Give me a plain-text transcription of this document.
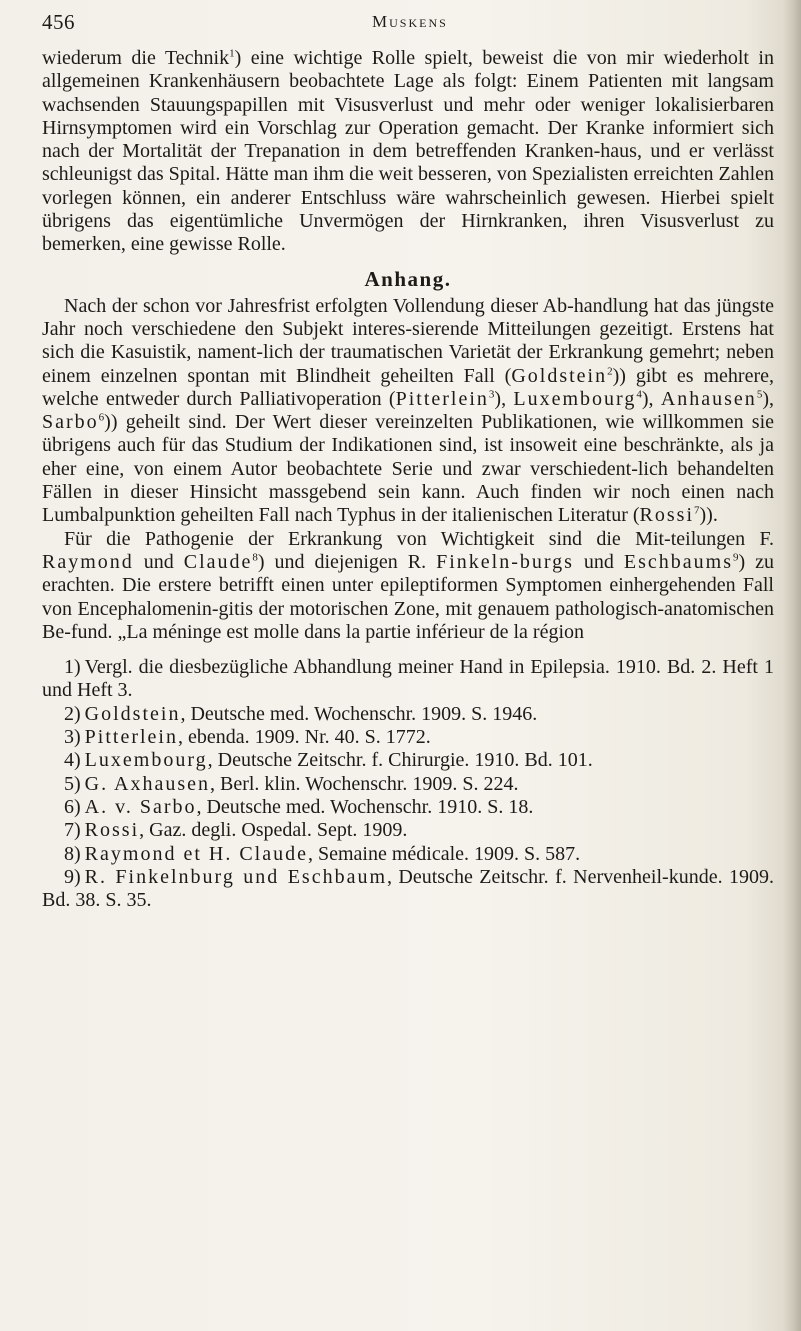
456	Muskens

wiederum die Technik$^1$) eine wichtige Rolle spielt, beweist die von mir wiederholt in allgemeinen Krankenhäusern beobachtete Lage als folgt: Einem Patienten mit langsam wachsenden Stauungspapillen mit Visusverlust und mehr oder weniger lokalisierbaren Hirnsymptomen wird ein Vorschlag zur Operation gemacht. Der Kranke informiert sich nach der Mortalität der Trepanation in dem betreffenden Kranken-haus, und er verlässt schleunigst das Spital. Hätte man ihm die weit besseren, von Spezialisten erreichten Zahlen vorlegen können, ein anderer Entschluss wäre wahrscheinlich gewesen. Hierbei spielt übrigens das eigentümliche Unvermögen der Hirnkranken, ihren Visusverlust zu bemerken, eine gewisse Rolle.

Anhang.

Nach der schon vor Jahresfrist erfolgten Vollendung dieser Ab-handlung hat das jüngste Jahr noch verschiedene den Subjekt interes-sierende Mitteilungen gezeitigt. Erstens hat sich die Kasuistik, nament-lich der traumatischen Varietät der Erkrankung gemehrt; neben einem einzelnen spontan mit Blindheit geheilten Fall (Goldstein$^2$)) gibt es mehrere, welche entweder durch Palliativoperation (Pitterlein$^3$), Luxembourg$^4$), Anhausen$^5$), Sarbo$^6$)) geheilt sind. Der Wert dieser vereinzelten Publikationen, wie willkommen sie übrigens auch für das Studium der Indikationen sind, ist insoweit eine beschränkte, als ja eher eine, von einem Autor beobachtete Serie und zwar verschiedent-lich behandelten Fällen in dieser Hinsicht massgebend sein kann. Auch finden wir noch einen nach Lumbalpunktion geheilten Fall nach Typhus in der italienischen Literatur (Rossi$^7$)).

Für die Pathogenie der Erkrankung von Wichtigkeit sind die Mit-teilungen F. Raymond und Claude$^8$) und diejenigen R. Finkeln-burgs und Eschbaums$^9$) zu erachten. Die erstere betrifft einen unter epileptiformen Symptomen einhergehenden Fall von Encephalomenin-gitis der motorischen Zone, mit genauem pathologisch-anatomischen Be-fund. „La méninge est molle dans la partie inférieur de la région

1) Vergl. die diesbezügliche Abhandlung meiner Hand in Epilepsia. 1910. Bd. 2. Heft 1 und Heft 3.

2) Goldstein, Deutsche med. Wochenschr. 1909. S. 1946.

3) Pitterlein, ebenda. 1909. Nr. 40. S. 1772.

4) Luxembourg, Deutsche Zeitschr. f. Chirurgie. 1910. Bd. 101.

5) G. Axhausen, Berl. klin. Wochenschr. 1909. S. 224.

6) A. v. Sarbo, Deutsche med. Wochenschr. 1910. S. 18.

7) Rossi, Gaz. degli. Ospedal. Sept. 1909.

8) Raymond et H. Claude, Semaine médicale. 1909. S. 587.

9) R. Finkelnburg und Eschbaum, Deutsche Zeitschr. f. Nervenheil-kunde. 1909. Bd. 38. S. 35.
